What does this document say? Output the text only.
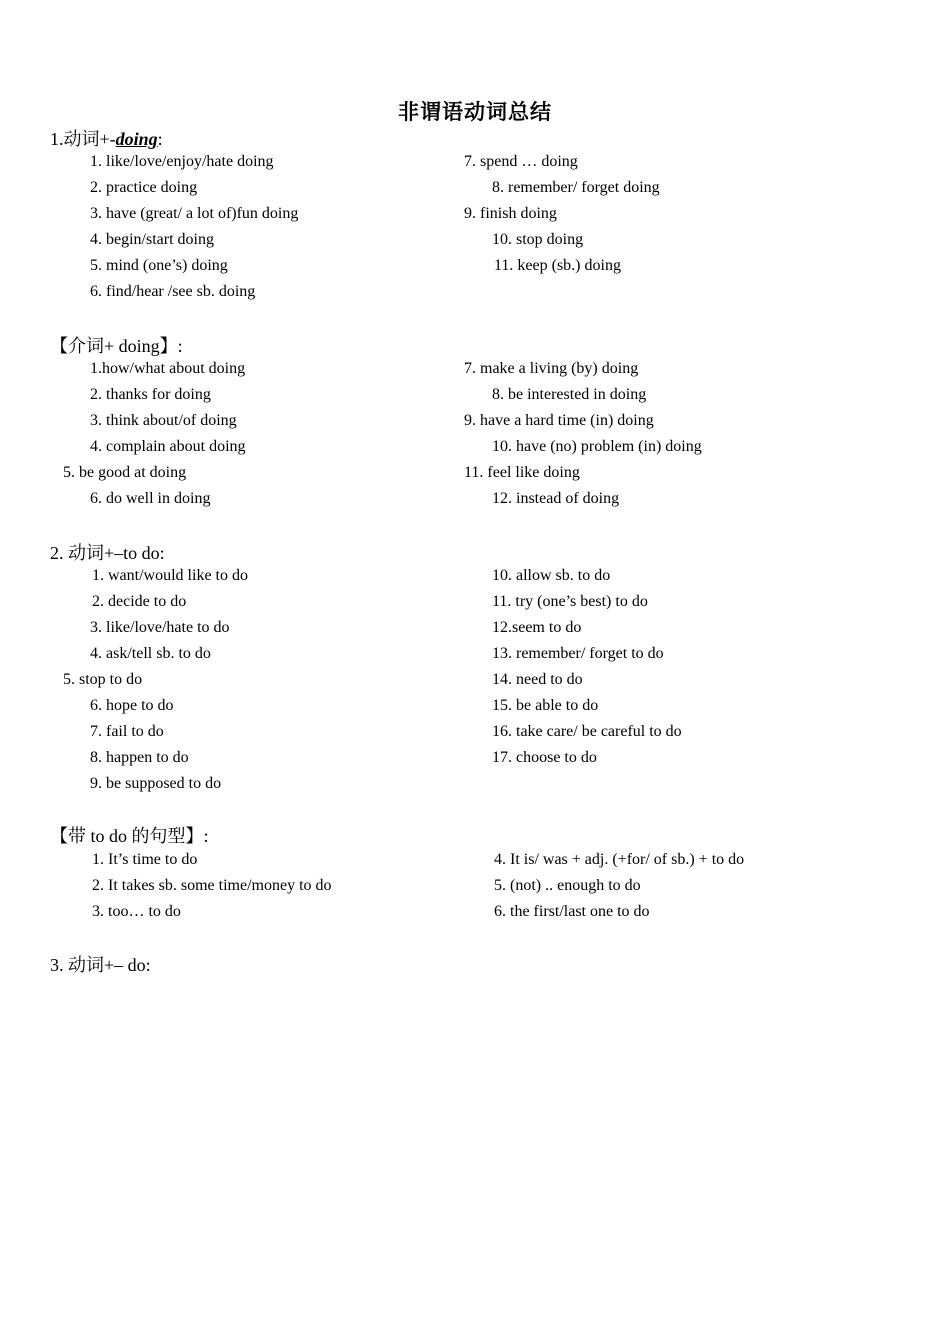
非谓语动词总结
1.动词+-doing:
1. like/love/enjoy/hate doing
2. practice doing
3. have (great/ a lot of)fun doing
4. begin/start doing
5. mind (one’s) doing
6. find/hear /see sb. doing
7. spend … doing
8. remember/ forget doing
9. finish doing
10. stop doing
11. keep (sb.) doing
【介词+ doing】:
1.how/what about doing
2. thanks for doing
3. think about/of doing
4. complain about doing
5. be good at doing
6. do well in doing
7. make a living (by) doing
8. be interested in doing
9. have a hard time (in) doing
10. have (no) problem (in) doing
11. feel like doing
12. instead of doing
2. 动词+–to do:
1. want/would like to do
2. decide to do
3. like/love/hate to do
4. ask/tell sb. to do
5. stop to do
6. hope to do
7. fail to do
8. happen to do
9. be supposed to do
10. allow sb. to do
11. try (one’s best) to do
12.seem to do
13. remember/ forget to do
14. need to do
15. be able to do
16. take care/ be careful to do
17. choose to do
【带 to do 的句型】:
1. It’s time to do
2. It takes sb. some time/money to do
3. too… to do
4. It is/ was + adj. (+for/ of sb.) + to do
5. (not) .. enough to do
6. the first/last one to do
3. 动词+– do:
